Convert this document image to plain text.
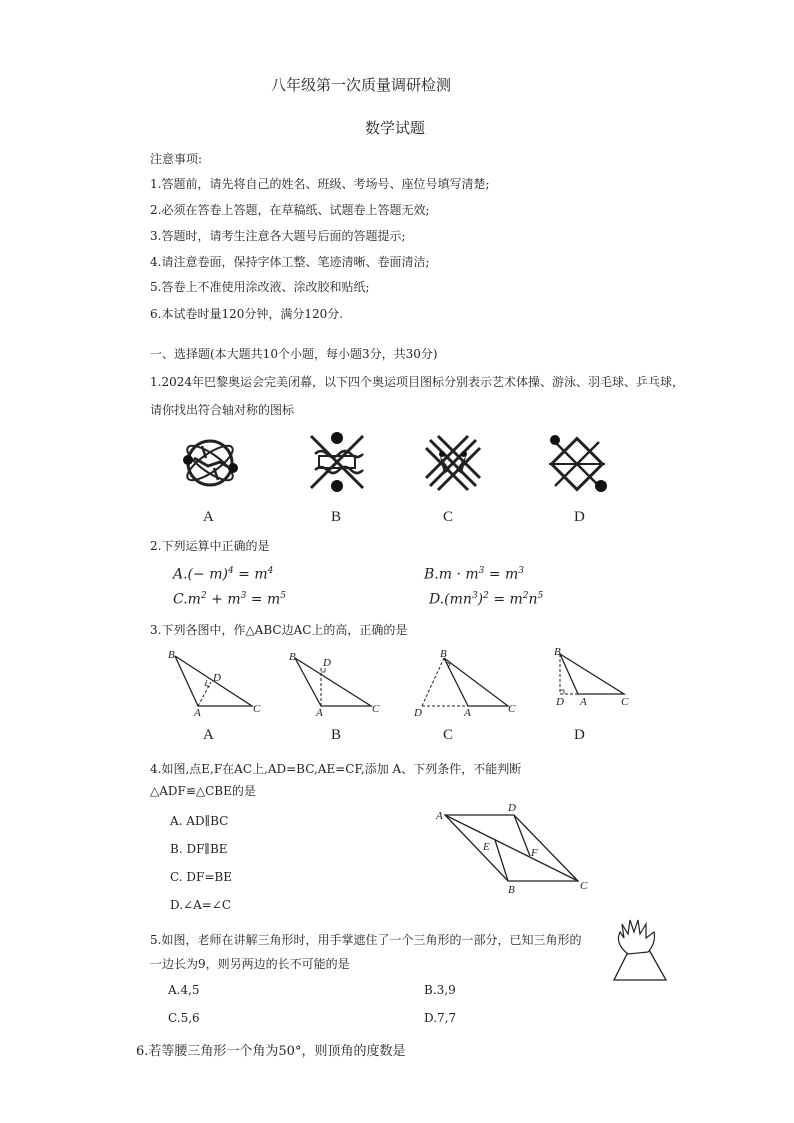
八年级第一次质量调研检测
数学试题
注意事项:
1.答题前，请先将自己的姓名、班级、考场号、座位号填写清楚;
2.必须在答卷上答题，在草稿纸、试题卷上答题无效;
3.答题时，请考生注意各大题号后面的答题提示;
4.请注意卷面，保持字体工整、笔迹清晰、卷面清洁;
5.答卷上不准使用涂改液、涂改胶和贴纸;
6.本试卷时量120分钟，满分120分.
一、选择题(本大题共10个小题，每小题3分，共30分)
1.2024年巴黎奥运会完美闭幕，以下四个奥运项目图标分别表示艺术体操、游泳、羽毛球、乒乓球，
请你找出符合轴对称的图标
A	B	C	D
2.下列运算中正确的是
$A.(- m)^4 = m^4$	$B.m \cdot m^3 = m^3$
$C.m^2 + m^3 = m^5$	$D.(mn^3)^2 = m^2n^5$
3.下列各图中，作△ABC边AC上的高，正确的是
B
D
A	C
B D
A	C
B
D	A	C
B
D A	C
A	B	C	D
4.如图,点E,F在AC上,AD=BC,AE=CF,添加 A、下列条件，不能判断
△ADF≌△CBE的是
A. AD∥BC
B. DF∥BE
C. DF=BE
D.∠A=∠C
A
D
E	F
B	C
5.如图，老师在讲解三角形时，用手掌遮住了一个三角形的一部分，已知三角形的
一边长为9，则另两边的长不可能的是
A.4,5	B.3,9
C.5,6	D.7,7
6.若等腰三角形一个角为50°，则顶角的度数是
